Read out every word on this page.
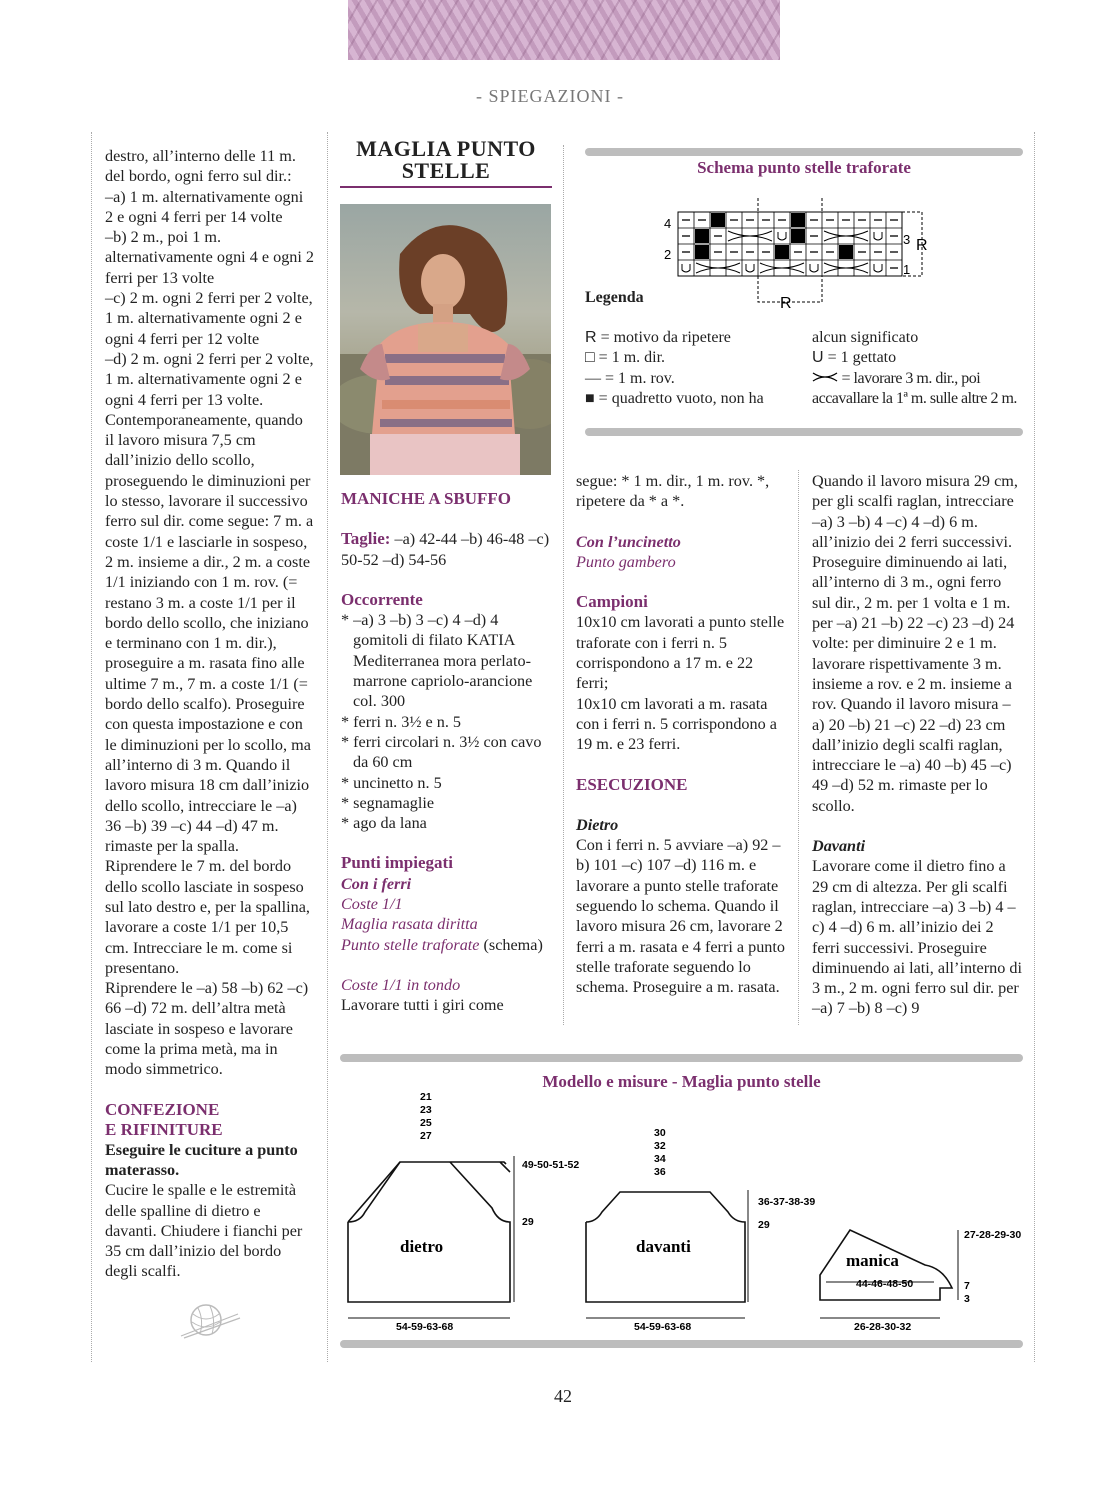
- SPIEGAZIONI -

destro, all’interno delle 11 m. del bordo, ogni ferro sul dir.:

–a) 1 m. alternativamente ogni 2 e ogni 4 ferri per 14 volte

–b) 2 m., poi 1 m. alternativamente ogni 4 e ogni 2 ferri per 13 volte

–c) 2 m. ogni 2 ferri per 2 volte, 1 m. alternativamente ogni 2 e ogni 4 ferri per 12 volte

–d) 2 m. ogni 2 ferri per 2 volte, 1 m. alternativamente ogni 2 e ogni 4 ferri per 13 volte.

Contemporaneamente, quando il lavoro misura 7,5 cm dall’inizio dello scollo, proseguendo le diminuzioni per lo stesso, lavorare il successivo ferro sul dir. come segue: 7 m. a coste 1/1 e lasciarle in sospeso, 2 m. insieme a dir., 2 m. a coste 1/1 iniziando con 1 m. rov. (= restano 3 m. a coste 1/1 per il bordo dello scollo, che iniziano e terminano con 1 m. dir.), proseguire a m. rasata fino alle ultime 7 m., 7 m. a coste 1/1 (= bordo dello scalfo). Proseguire con questa impostazione e con le diminuzioni per lo scollo, ma all’interno di 3 m. Quando il lavoro misura 18 cm dall’inizio dello scollo, intrecciare le –a) 36 –b) 39 –c) 44 –d) 47 m. rimaste per la spalla.

Riprendere le 7 m. del bordo dello scollo lasciate in sospeso sul lato destro e, per la spallina, lavorare a coste 1/1 per 10,5 cm. Intrecciare le m. come si presentano.

Riprendere le –a) 58 –b) 62 –c) 66 –d) 72 m. dell’altra metà lasciate in sospeso e lavorare come la prima metà, ma in modo simmetrico.

CONFEZIONE

E RIFINITURE

Eseguire le cuciture a punto materasso.

Cucire le spalle e le estremità delle spalline di dietro e davanti. Chiudere i fianchi per 35 cm dall’inizio del bordo degli scalfi.

MAGLIA PUNTO
STELLE

MANICHE A SBUFFO

Taglie: –a) 42-44 –b) 46-48 –c) 50-52 –d) 54-56

Occorrente

* –a) 3 –b) 3 –c) 4 –d) 4 gomitoli di filato KATIA Mediterranea mora perlato-marrone capriolo-arancione col. 300
* ferri n. 3½ e n. 5
* ferri circolari n. 3½ con cavo da 60 cm
* uncinetto n. 5
* segnamaglie
* ago da lana

Punti impiegati

Con i ferri

Coste 1/1

Maglia rasata diritta

Punto stelle traforate (schema)

Coste 1/1 in tondo

Lavorare tutti i giri come

segue: * 1 m. dir., 1 m. rov. *, ripetere da * a *.

Con l’uncinetto

Punto gambero

Campioni

10x10 cm lavorati a punto stelle traforate con i ferri n. 5 corrispondono a 17 m. e 22 ferri;

10x10 cm lavorati a m. rasata con i ferri n. 5 corrispondono a 19 m. e 23 ferri.

ESECUZIONE

Dietro

Con i ferri n. 5 avviare –a) 92 –b) 101 –c) 107 –d) 116 m. e lavorare a punto stelle traforate seguendo lo schema. Quando il lavoro misura 26 cm, lavorare 2 ferri a m. rasata e 4 ferri a punto stelle traforate seguendo lo schema. Proseguire a m. rasata.

Quando il lavoro misura 29 cm, per gli scalfi raglan, intrecciare –a) 3 –b) 4 –c) 4 –d) 6 m. all’inizio dei 2 ferri successivi. Proseguire diminuendo ai lati, all’interno di 3 m., ogni ferro sul dir., 2 m. per 1 volta e 1 m. per –a) 21 –b) 22 –c) 23 –d) 24 volte: per diminuire 2 e 1 m. lavorare rispettivamente 3 m. insieme a rov. e 2 m. insieme a rov. Quando il lavoro misura –a) 20 –b) 21 –c) 22 –d) 23 cm dall’inizio degli scalfi raglan, intrecciare le –a) 40 –b) 45 –c) 49 –d) 52 m. rimaste per lo scollo.

Davanti

Lavorare come il dietro fino a 29 cm di altezza. Per gli scalfi raglan, intrecciare –a) 3 –b) 4 –c) 4 –d) 6 m. all’inizio dei 2 ferri successivi. Proseguire diminuendo ai lati, all’interno di 3 m., 2 m. ogni ferro sul dir. per –a) 7 –b) 8 –c) 9

Schema punto stelle traforate
4
2
3
1
R
R
Legenda
R = motivo da ripetere
□ = 1 m. dir.
— = 1 m. rov.
■ = quadretto vuoto, non ha
alcun significato
U = 1 gettato
= lavorare 3 m. dir., poi accavallare la 1ª m. sulle altre 2 m.
Modello e misure - Maglia punto stelle
dietro	davanti
manica
21
23
25
27
49-50-51-52
29
54-59-63-68
30
32
34
36
36-37-38-39
29
54-59-63-68
27-28-29-30
44-46-48-50	7
3
26-28-30-32
42
